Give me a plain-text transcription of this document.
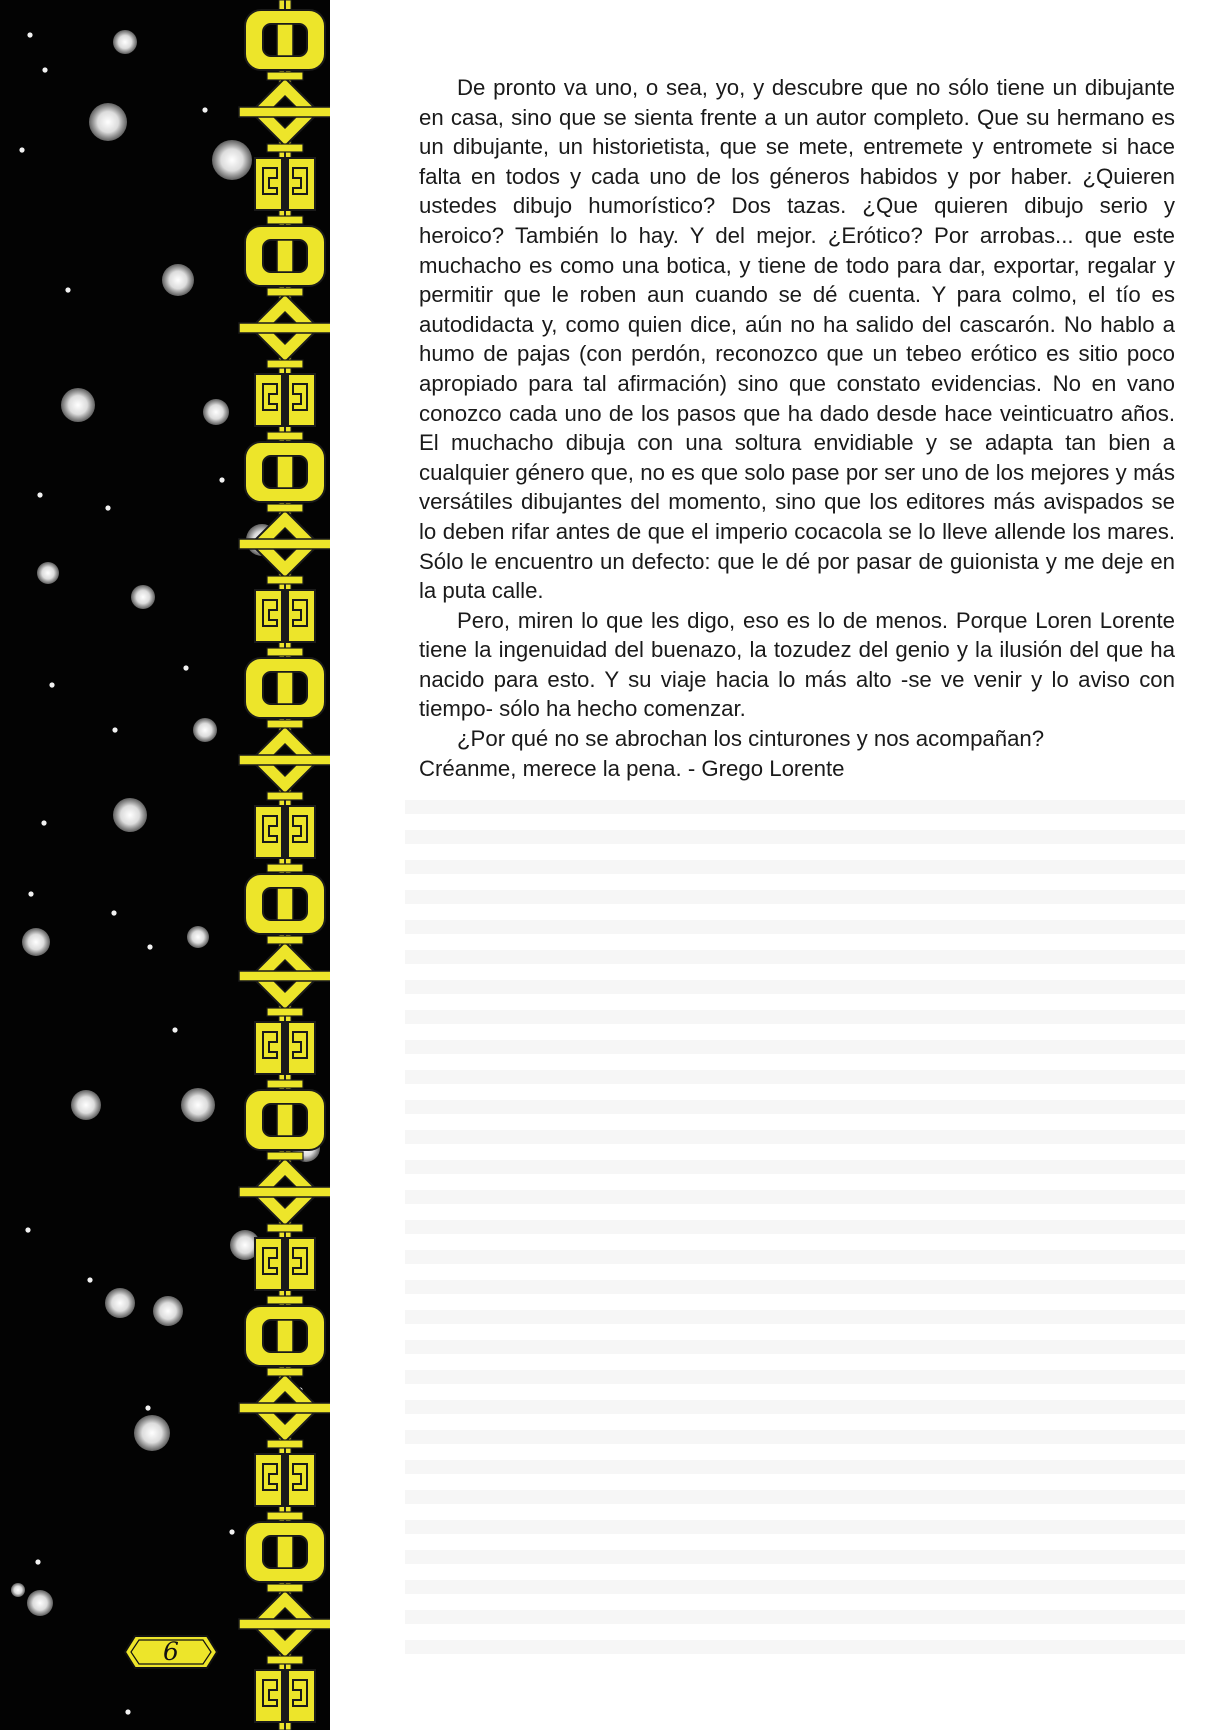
6

De pronto va uno, o sea, yo, y descubre que no sólo tiene un dibujante en casa, sino que se sienta frente a un autor completo. Que su hermano es un dibujante, un historietista, que se mete, entremete y entromete si hace falta en todos y cada uno de los géneros habidos y por haber. ¿Quieren ustedes dibujo humorístico? Dos tazas. ¿Que quieren dibujo serio y heroico? También lo hay. Y del mejor. ¿Erótico? Por arrobas... que este muchacho es como una botica, y tiene de todo para dar, exportar, regalar y permitir que le roben aun cuando se dé cuenta. Y para colmo, el tío es autodidacta y, como quien dice, aún no ha salido del cascarón. No hablo a humo de pajas (con perdón, reconozco que un tebeo erótico es sitio poco apropiado para tal afirmación) sino que constato evidencias. No en vano conozco cada uno de los pasos que ha dado desde hace veinticuatro años. El muchacho dibuja con una soltura envidiable y se adapta tan bien a cualquier género que, no es que solo pase por ser uno de los mejores y más versátiles dibujantes del momento, sino que los editores más avispados se lo deben rifar antes de que el imperio cocacola se lo lleve allende los mares. Sólo le encuentro un defecto: que le dé por pasar de guionista y me deje en la puta calle.

Pero, miren lo que les digo, eso es lo de menos. Porque Loren Lorente tiene la ingenuidad del buenazo, la tozudez del genio y la ilusión del que ha nacido para esto. Y su viaje hacia lo más alto -se ve venir y lo aviso con tiempo- sólo ha hecho comenzar.

¿Por qué no se abrochan los cinturones y nos acompañan?

Créanme, merece la pena. - Grego Lorente
